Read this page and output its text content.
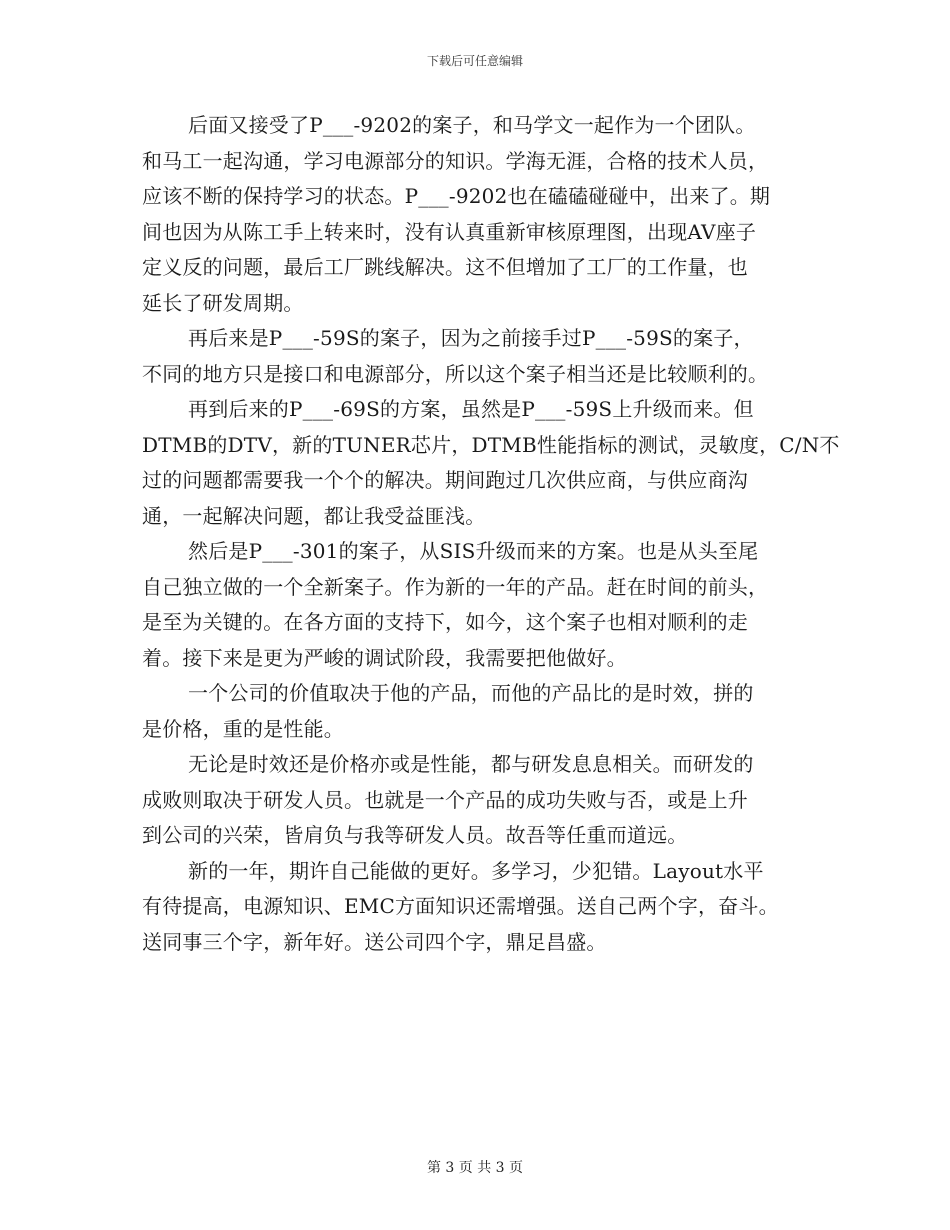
下载后可任意编辑
后面又接受了P___-9202的案子，和马学文一起作为一个团队。
和马工一起沟通，学习电源部分的知识。学海无涯，合格的技术人员，
应该不断的保持学习的状态。P___-9202也在磕磕碰碰中，出来了。期
间也因为从陈工手上转来时，没有认真重新审核原理图，出现AV座子
定义反的问题，最后工厂跳线解决。这不但增加了工厂的工作量，也
延长了研发周期。
再后来是P___-59S的案子，因为之前接手过P___-59S的案子，
不同的地方只是接口和电源部分，所以这个案子相当还是比较顺利的。
再到后来的P___-69S的方案，虽然是P___-59S上升级而来。但
DTMB的DTV，新的TUNER芯片，DTMB性能指标的测试，灵敏度，C/N不
过的问题都需要我一个个的解决。期间跑过几次供应商，与供应商沟
通，一起解决问题，都让我受益匪浅。
然后是P___-301的案子，从SIS升级而来的方案。也是从头至尾
自己独立做的一个全新案子。作为新的一年的产品。赶在时间的前头，
是至为关键的。在各方面的支持下，如今，这个案子也相对顺利的走
着。接下来是更为严峻的调试阶段，我需要把他做好。
一个公司的价值取决于他的产品，而他的产品比的是时效，拼的
是价格，重的是性能。
无论是时效还是价格亦或是性能，都与研发息息相关。而研发的
成败则取决于研发人员。也就是一个产品的成功失败与否，或是上升
到公司的兴荣，皆肩负与我等研发人员。故吾等任重而道远。
新的一年，期许自己能做的更好。多学习，少犯错。Layout水平
有待提高，电源知识、EMC方面知识还需增强。送自己两个字，奋斗。
送同事三个字，新年好。送公司四个字，鼎足昌盛。
第 3 页 共 3 页
